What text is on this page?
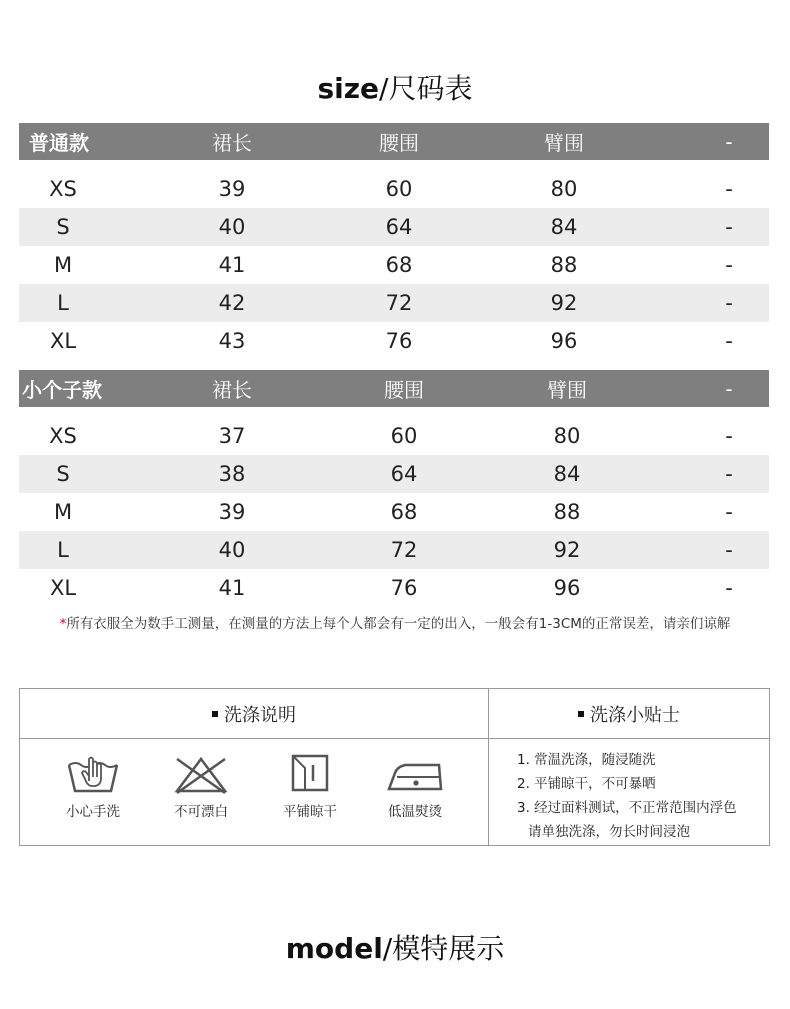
size/尺码表
普通款	裙长	腰围	臂围	-
XS	39	60	80	-
S	40	64	84	-
M	41	68	88	-
L	42	72	92	-
XL	43	76	96	-
小个子款	裙长	腰围	臂围	-
XS	37	60	80	-
S	38	64	84	-
M	39	68	88	-
L	40	72	92	-
XL	41	76	96	-
*所有衣服全为数手工测量，在测量的方法上每个人都会有一定的出入，一般会有1-3CM的正常误差，请亲们谅解
洗涤说明	洗涤小贴士
小心手洗	不可漂白	平铺晾干	低温熨烫
1. 常温洗涤，随浸随洗
2. 平铺晾干，不可暴晒
3. 经过面料测试，不正常范围内浮色
请单独洗涤，勿长时间浸泡
model/模特展示
